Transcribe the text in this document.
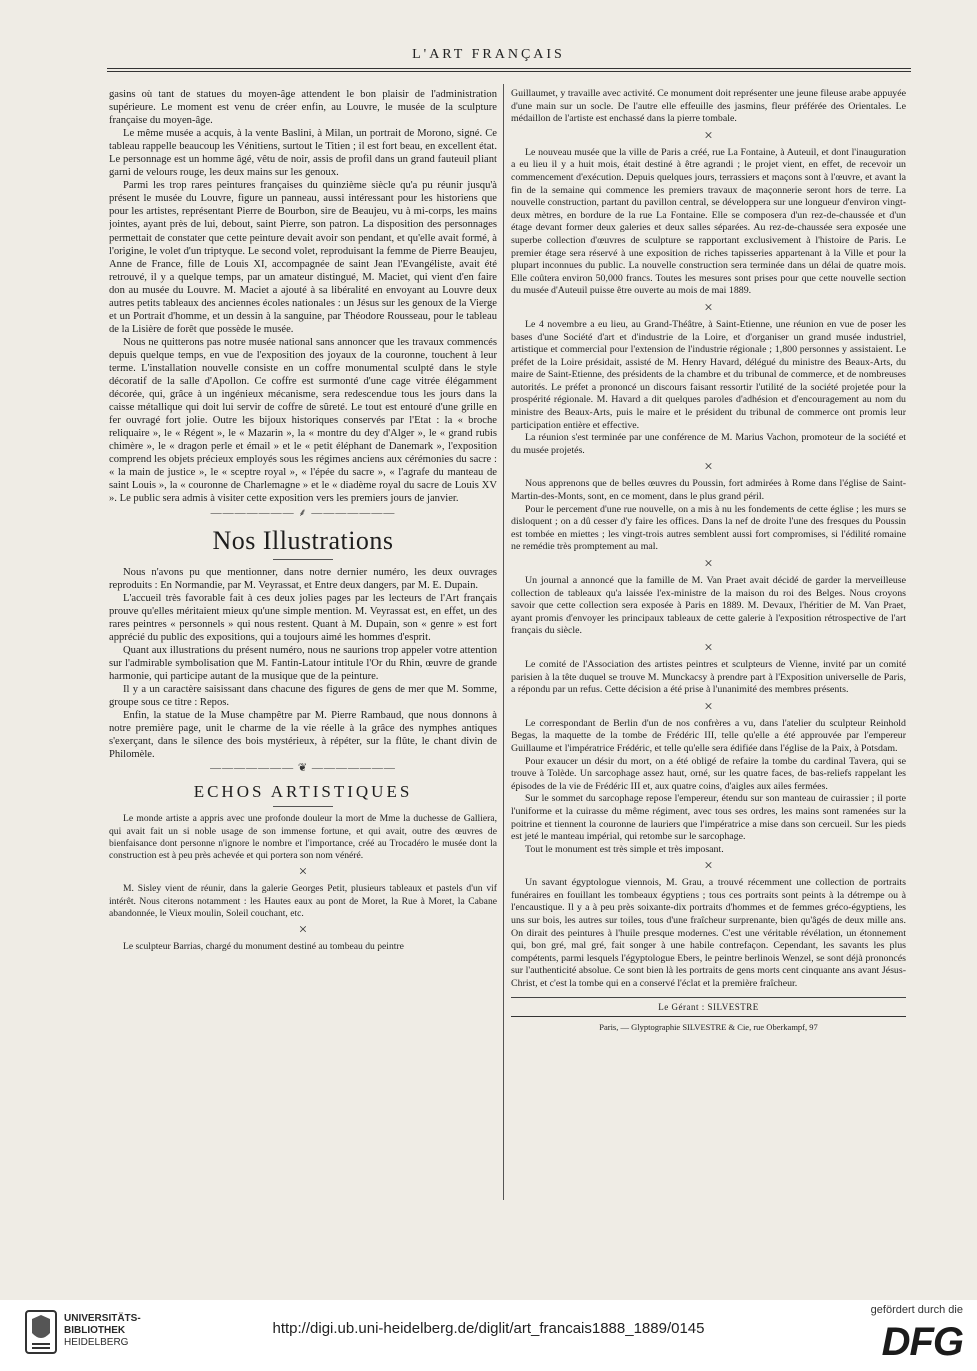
L'ART FRANÇAIS

gasins où tant de statues du moyen-âge attendent le bon plaisir de l'administration supérieure. Le moment est venu de créer enfin, au Louvre, le musée de la sculpture française du moyen-âge.

Le même musée a acquis, à la vente Baslini, à Milan, un portrait de Morono, signé. Ce tableau rappelle beaucoup les Vénitiens, surtout le Titien ; il est fort beau, en excellent état. Le personnage est un homme âgé, vêtu de noir, assis de profil dans un grand fauteuil pliant garni de velours rouge, les deux mains sur les genoux.

Parmi les trop rares peintures françaises du quinzième siècle qu'a pu réunir jusqu'à présent le musée du Louvre, figure un panneau, aussi intéressant pour les historiens que pour les artistes, représentant Pierre de Bourbon, sire de Beaujeu, vu à mi-corps, les mains jointes, ayant près de lui, debout, saint Pierre, son patron. La disposition des personnages permettait de constater que cette peinture devait avoir son pendant, et qu'elle avait formé, à l'origine, le volet d'un triptyque. Le second volet, reproduisant la femme de Pierre Beaujeu, Anne de France, fille de Louis XI, accompagnée de saint Jean l'Evangéliste, avait été retrouvé, il y a quelque temps, par un amateur distingué, M. Maciet, qui vient d'en faire don au musée du Louvre. M. Maciet a ajouté à sa libéralité en envoyant au Louvre deux autres petits tableaux des anciennes écoles nationales : un Jésus sur les genoux de la Vierge et un Portrait d'homme, et un dessin à la sanguine, par Théodore Rousseau, pour le tableau de la Lisière de forêt que possède le musée.

Nous ne quitterons pas notre musée national sans annoncer que les travaux commencés depuis quelque temps, en vue de l'exposition des joyaux de la couronne, touchent à leur terme. L'installation nouvelle consiste en un coffre monumental sculpté dans le style décoratif de la salle d'Apollon. Ce coffre est surmonté d'une cage vitrée élégamment décorée, qui, grâce à un ingénieux mécanisme, sera redescendue tous les jours dans la caisse métallique qui doit lui servir de coffre de sûreté. Le tout est entouré d'une grille en fer ouvragé fort jolie. Outre les bijoux historiques conservés par l'Etat : la « broche reliquaire », le « Régent », le « Mazarin », la « montre du dey d'Alger », le « grand rubis chimère », le « dragon perle et émail » et le « petit éléphant de Danemark », l'exposition comprend les objets précieux employés sous les régimes anciens aux cérémonies du sacre : « la main de justice », le « sceptre royal », « l'épée du sacre », « l'agrafe du manteau de saint Louis », la « couronne de Charlemagne » et le « diadème royal du sacre de Louis XV ». Le public sera admis à visiter cette exposition vers les premiers jours de janvier.

——————— ⸙ ———————
Nos Illustrations

Nous n'avons pu que mentionner, dans notre dernier numéro, les deux ouvrages reproduits : En Normandie, par M. Veyrassat, et Entre deux dangers, par M. E. Dupain.

L'accueil très favorable fait à ces deux jolies pages par les lecteurs de l'Art français prouve qu'elles méritaient mieux qu'une simple mention. M. Veyrassat est, en effet, un des rares peintres « personnels » qui nous restent. Quant à M. Dupain, son « genre » est fort apprécié du public des expositions, qui a toujours aimé les hommes d'esprit.

Quant aux illustrations du présent numéro, nous ne saurions trop appeler votre attention sur l'admirable symbolisation que M. Fantin-Latour intitule l'Or du Rhin, œuvre de grande harmonie, qui participe autant de la musique que de la peinture.

Il y a un caractère saisissant dans chacune des figures de gens de mer que M. Somme, groupe sous ce titre : Repos.

Enfin, la statue de la Muse champêtre par M. Pierre Rambaud, que nous donnons à notre première page, unit le charme de la vie réelle à la grâce des nymphes antiques s'exerçant, dans le silence des bois mystérieux, à répéter, sur la flûte, le chant divin de Philomèle.

——————— ❦ ———————
ECHOS ARTISTIQUES

Le monde artiste a appris avec une profonde douleur la mort de Mme la duchesse de Galliera, qui avait fait un si noble usage de son immense fortune, et qui avait, outre des œuvres de bienfaisance dont personne n'ignore le nombre et l'importance, créé au Trocadéro le musée dont la construction est à peu près achevée et qui portera son nom vénéré.

×

M. Sisley vient de réunir, dans la galerie Georges Petit, plusieurs tableaux et pastels d'un vif intérêt. Nous citerons notamment : les Hautes eaux au pont de Moret, la Rue à Moret, la Cabane abandonnée, le Vieux moulin, Soleil couchant, etc.

×

Le sculpteur Barrias, chargé du monument destiné au tombeau du peintre

Guillaumet, y travaille avec activité. Ce monument doit représenter une jeune fileuse arabe appuyée d'une main sur un socle. De l'autre elle effeuille des jasmins, fleur préférée des Orientales. Le médaillon de l'artiste est enchassé dans la pierre tombale.

×

Le nouveau musée que la ville de Paris a créé, rue La Fontaine, à Auteuil, et dont l'inauguration a eu lieu il y a huit mois, était destiné à être agrandi ; le projet vient, en effet, de recevoir un commencement d'exécution. Depuis quelques jours, terrassiers et maçons sont à l'œuvre, et avant la fin de la semaine qui commence les premiers travaux de maçonnerie seront hors de terre. La nouvelle construction, partant du pavillon central, se développera sur une longueur d'environ vingt-deux mètres, en bordure de la rue La Fontaine. Elle se composera d'un rez-de-chaussée et d'un étage devant former deux galeries et deux salles séparées. Au rez-de-chaussée sera exposée une superbe collection d'œuvres de sculpture se rapportant exclusivement à l'histoire de Paris. Le premier étage sera réservé à une exposition de riches tapisseries appartenant à la Ville et pour la plupart inconnues du public. La nouvelle construction sera terminée dans un délai de quatre mois. Elle coûtera environ 50,000 francs. Toutes les mesures sont prises pour que cette nouvelle section du musée d'Auteuil puisse être ouverte au mois de mai 1889.

×

Le 4 novembre a eu lieu, au Grand-Théâtre, à Saint-Etienne, une réunion en vue de poser les bases d'une Société d'art et d'industrie de la Loire, et d'organiser un grand musée industriel, artistique et commercial pour l'extension de l'industrie régionale ; 1,800 personnes y assistaient. Le préfet de la Loire présidait, assisté de M. Henry Havard, délégué du ministre des Beaux-Arts, du maire de Saint-Etienne, des présidents de la chambre et du tribunal de commerce, et de nombreuses autorités. Le préfet a prononcé un discours faisant ressortir l'utilité de la société projetée pour la prospérité régionale. M. Havard a dit quelques paroles d'adhésion et d'encouragement au nom du ministre des Beaux-Arts, puis le maire et le président du tribunal de commerce ont promis leur participation entière et effective.

La réunion s'est terminée par une conférence de M. Marius Vachon, promoteur de la société et du musée projetés.

×

Nous apprenons que de belles œuvres du Poussin, fort admirées à Rome dans l'église de Saint-Martin-des-Monts, sont, en ce moment, dans le plus grand péril.

Pour le percement d'une rue nouvelle, on a mis à nu les fondements de cette église ; les murs se disloquent ; on a dû cesser d'y faire les offices. Dans la nef de droite l'une des fresques du Poussin est tombée en miettes ; les vingt-trois autres semblent aussi fort compromises, si l'édilité romaine ne remédie très promptement au mal.

×

Un journal a annoncé que la famille de M. Van Praet avait décidé de garder la merveilleuse collection de tableaux qu'a laissée l'ex-ministre de la maison du roi des Belges. Nous croyons savoir que cette collection sera exposée à Paris en 1889. M. Devaux, l'héritier de M. Van Praet, ayant promis d'envoyer les principaux tableaux de cette galerie à l'exposition rétrospective de l'art français du siècle.

×

Le comité de l'Association des artistes peintres et sculpteurs de Vienne, invité par un comité parisien à la tête duquel se trouve M. Munckacsy à prendre part à l'Exposition universelle de Paris, a répondu par un refus. Cette décision a été prise à l'unanimité des membres présents.

×

Le correspondant de Berlin d'un de nos confrères a vu, dans l'atelier du sculpteur Reinhold Begas, la maquette de la tombe de Frédéric III, telle qu'elle a été approuvée par l'empereur Guillaume et l'impératrice Frédéric, et telle qu'elle sera édifiée dans l'église de la Paix, à Potsdam.

Pour exaucer un désir du mort, on a été obligé de refaire la tombe du cardinal Tavera, qui se trouve à Tolède. Un sarcophage assez haut, orné, sur les quatre faces, de bas-reliefs rappelant les épisodes de la vie de Frédéric III et, aux quatre coins, d'aigles aux ailes fermées.

Sur le sommet du sarcophage repose l'empereur, étendu sur son manteau de cuirassier ; il porte l'uniforme et la cuirasse du même régiment, avec tous ses ordres, les mains sont ramenées sur la poitrine et tiennent la couronne de lauriers que l'impératrice a mise dans son cercueil. Sur les pieds est jeté le manteau impérial, qui retombe sur le sarcophage.

Tout le monument est très simple et très imposant.

×

Un savant égyptologue viennois, M. Grau, a trouvé récemment une collection de portraits funéraires en fouillant les tombeaux égyptiens ; tous ces portraits sont peints à la détrempe ou à l'encaustique. Il y a à peu près soixante-dix portraits d'hommes et de femmes gréco-égyptiens, les uns sur bois, les autres sur toiles, tous d'une fraîcheur surprenante, bien qu'âgés de deux mille ans. On dirait des peintures à l'huile presque modernes. C'est une véritable révélation, un étonnement qui, bon gré, mal gré, fait songer à une habile contrefaçon. Cependant, les savants les plus compétents, parmi lesquels l'égyptologue Ebers, le peintre berlinois Wenzel, se sont déjà prononcés sur l'authenticité absolue. Ce sont bien là les portraits de gens morts cent cinquante ans avant Jésus-Christ, et c'est la tombe qui en a conservé l'éclat et la première fraîcheur.

Le Gérant : SILVESTRE
Paris, — Glyptographie SILVESTRE & Cie, rue Oberkampf, 97
UNIVERSITÄTS-
BIBLIOTHEK
HEIDELBERG
http://digi.ub.uni-heidelberg.de/diglit/art_francais1888_1889/0145
gefördert durch die
DFG
